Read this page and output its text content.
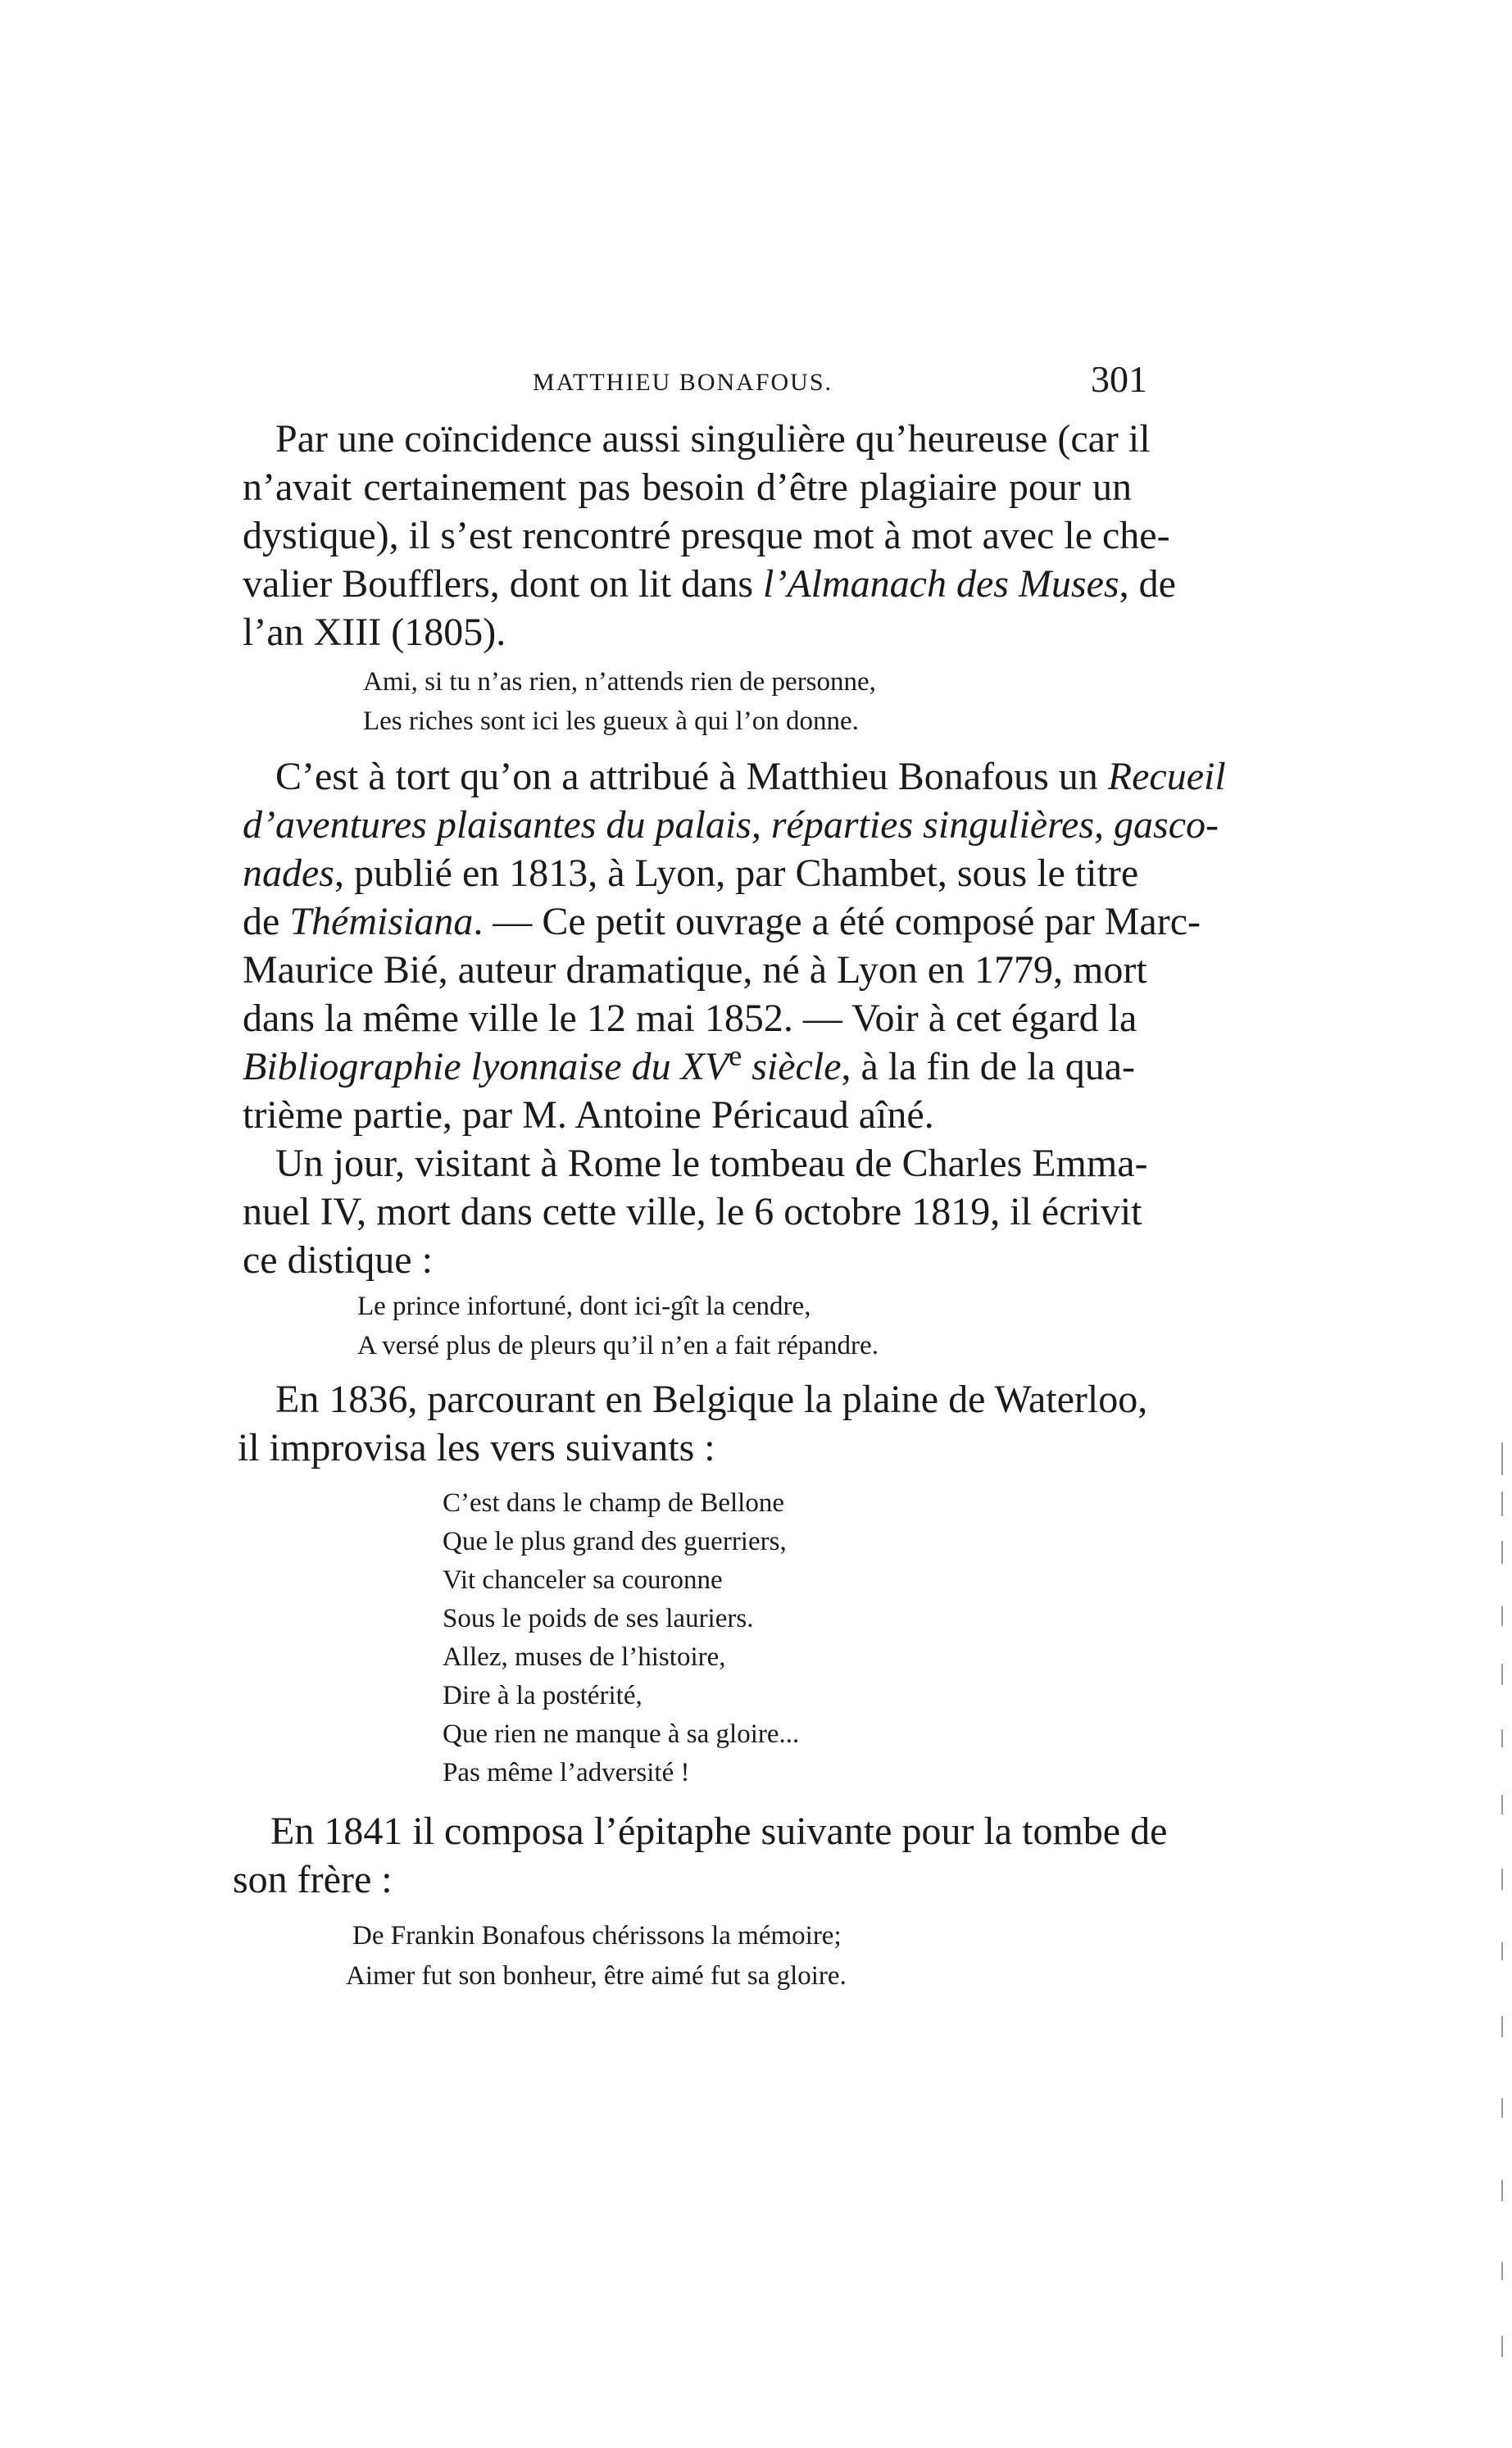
MATTHIEU BONAFOUS.	301
Par une coïncidence aussi singulière qu’heureuse (car il
n’avait certainement pas besoin d’être plagiaire pour un
dystique), il s’est rencontré presque mot à mot avec le che-
valier Boufflers, dont on lit dans l’Almanach des Muses, de
l’an XIII (1805).
Ami, si tu n’as rien, n’attends rien de personne,
Les riches sont ici les gueux à qui l’on donne.
C’est à tort qu’on a attribué à Matthieu Bonafous un Recueil
d’aventures plaisantes du palais, réparties singulières, gasco-
nades, publié en 1813, à Lyon, par Chambet, sous le titre
de Thémisiana. — Ce petit ouvrage a été composé par Marc-
Maurice Bié, auteur dramatique, né à Lyon en 1779, mort
dans la même ville le 12 mai 1852. — Voir à cet égard la
Bibliographie lyonnaise du XVe siècle, à la fin de la qua-
trième partie, par M. Antoine Péricaud aîné.
Un jour, visitant à Rome le tombeau de Charles Emma-
nuel IV, mort dans cette ville, le 6 octobre 1819, il écrivit
ce distique :
Le prince infortuné, dont ici-gît la cendre,
A versé plus de pleurs qu’il n’en a fait répandre.
En 1836, parcourant en Belgique la plaine de Waterloo,
il improvisa les vers suivants :
C’est dans le champ de Bellone
Que le plus grand des guerriers,
Vit chanceler sa couronne
Sous le poids de ses lauriers.
Allez, muses de l’histoire,
Dire à la postérité,
Que rien ne manque à sa gloire...
Pas même l’adversité !
En 1841 il composa l’épitaphe suivante pour la tombe de
son frère :
De Frankin Bonafous chérissons la mémoire;
Aimer fut son bonheur, être aimé fut sa gloire.
